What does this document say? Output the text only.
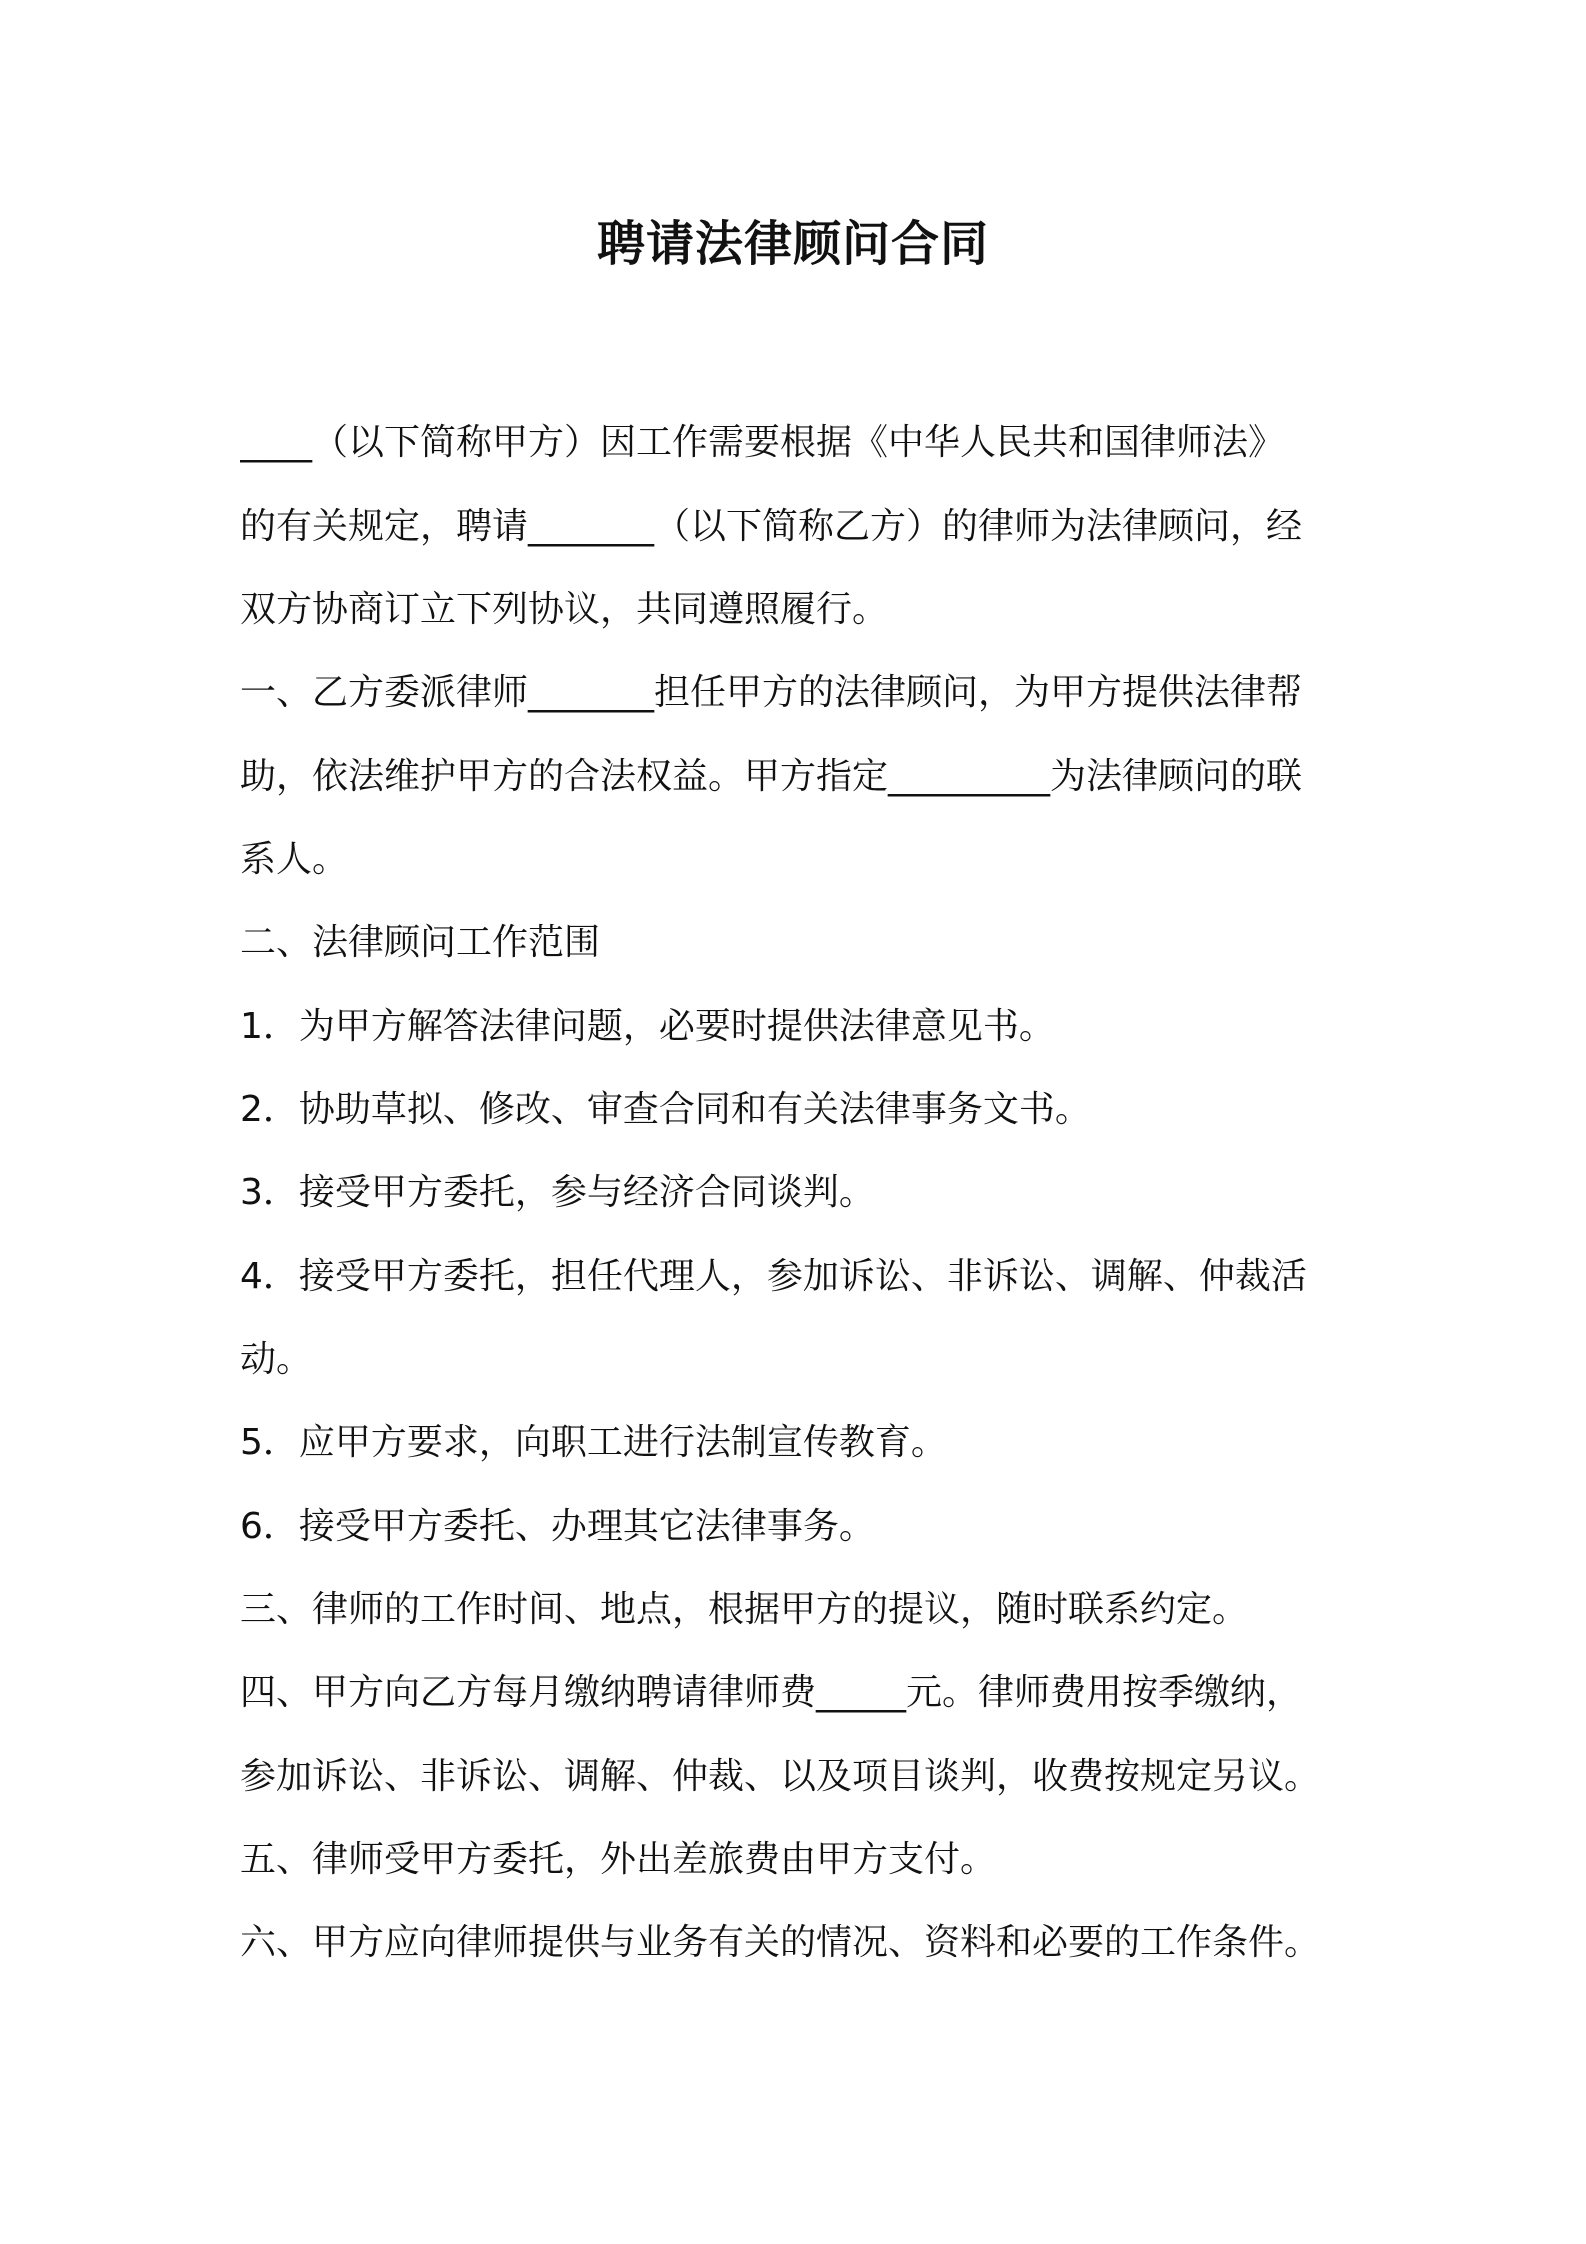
聘请法律顾问合同
____（以下简称甲方）因工作需要根据《中华人民共和国律师法》
的有关规定，聘请_______（以下简称乙方）的律师为法律顾问，经
双方协商订立下列协议，共同遵照履行。
一、乙方委派律师_______担任甲方的法律顾问，为甲方提供法律帮
助，依法维护甲方的合法权益。甲方指定_________为法律顾问的联
系人。
二、法律顾问工作范围
1．为甲方解答法律问题，必要时提供法律意见书。
2．协助草拟、修改、审查合同和有关法律事务文书。
3．接受甲方委托，参与经济合同谈判。
4．接受甲方委托，担任代理人，参加诉讼、非诉讼、调解、仲裁活
动。
5．应甲方要求，向职工进行法制宣传教育。
6．接受甲方委托、办理其它法律事务。
三、律师的工作时间、地点，根据甲方的提议，随时联系约定。
四、甲方向乙方每月缴纳聘请律师费_____元。律师费用按季缴纳，
参加诉讼、非诉讼、调解、仲裁、以及项目谈判，收费按规定另议。
五、律师受甲方委托，外出差旅费由甲方支付。
六、甲方应向律师提供与业务有关的情况、资料和必要的工作条件。
